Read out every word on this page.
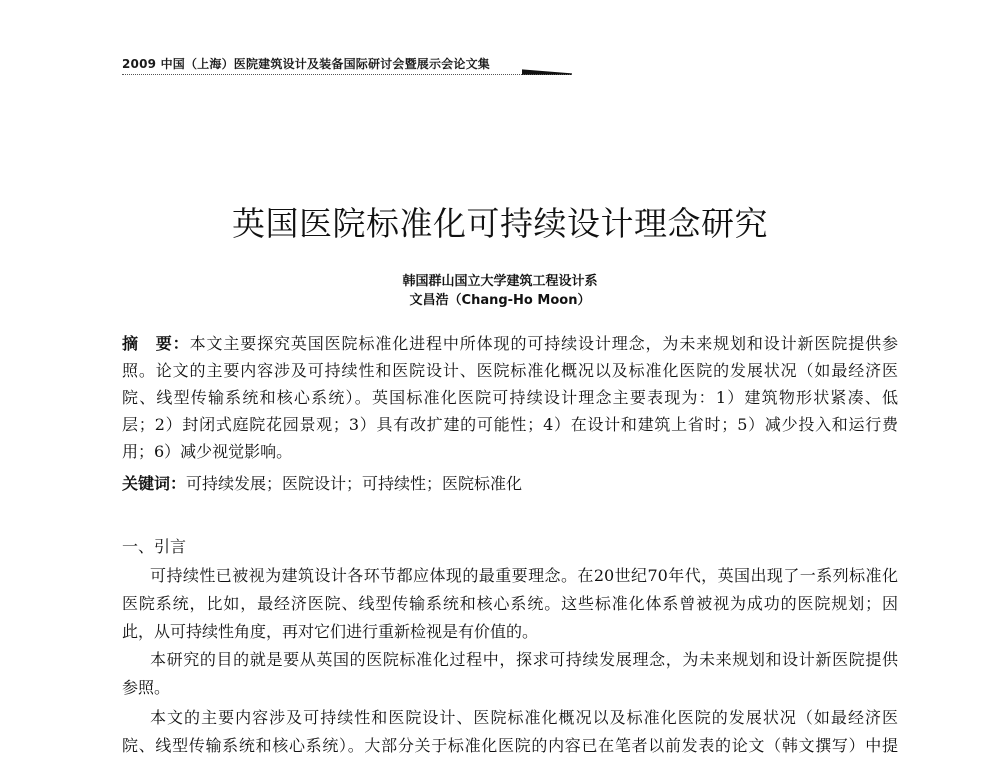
2009 中国（上海）医院建筑设计及装备国际研讨会暨展示会论文集
英国医院标准化可持续设计理念研究
韩国群山国立大学建筑工程设计系
文昌浩（Chang-Ho Moon）
摘　要：本文主要探究英国医院标准化进程中所体现的可持续设计理念，为未来规划和设计新医院提供参
照。论文的主要内容涉及可持续性和医院设计、医院标准化概况以及标准化医院的发展状况（如最经济医
院、线型传输系统和核心系统）。英国标准化医院可持续设计理念主要表现为：1）建筑物形状紧凑、低
层；2）封闭式庭院花园景观；3）具有改扩建的可能性；4）在设计和建筑上省时；5）减少投入和运行费
用；6）减少视觉影响。
关键词：可持续发展；医院设计；可持续性；医院标准化
一、引言
可持续性已被视为建筑设计各环节都应体现的最重要理念。在20世纪70年代，英国出现了一系列标准化
医院系统，比如，最经济医院、线型传输系统和核心系统。这些标准化体系曾被视为成功的医院规划；因
此，从可持续性角度，再对它们进行重新检视是有价值的。
本研究的目的就是要从英国的医院标准化过程中，探求可持续发展理念，为未来规划和设计新医院提供
参照。
本文的主要内容涉及可持续性和医院设计、医院标准化概况以及标准化医院的发展状况（如最经济医
院、线型传输系统和核心系统）。大部分关于标准化医院的内容已在笔者以前发表的论文（韩文撰写）中提
